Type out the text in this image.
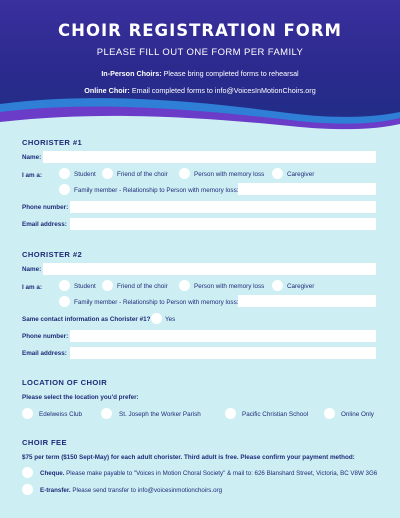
CHOIR REGISTRATION FORM
PLEASE FILL OUT ONE FORM PER FAMILY
In-Person Choirs: Please bring completed forms to rehearsal
Online Choir: Email completed forms to info@VoicesInMotionChoirs.org
CHORISTER #1
Name:
I am a:	Student	Friend of the choir	Person with memory loss	Caregiver
Family member - Relationship to Person with memory loss:
Phone number:
Email address:
CHORISTER #2
Name:
I am a:	Student	Friend of the choir	Person with memory loss	Caregiver
Family member - Relationship to Person with memory loss:
Same contact information as Chorister #1? Yes
Phone number:
Email address:
LOCATION OF CHOIR
Please select the location you'd prefer:
Edelweiss Club	St. Joseph the Worker Parish	Pacific Christian School	Online Only
CHOIR FEE
$75 per term ($150 Sept-May) for each adult chorister. Third adult is free. Please confirm your payment method:
Cheque. Please make payable to "Voices in Motion Choral Society" & mail to: 626 Blanshard Street, Victoria, BC V8W 3G6
E-transfer. Please send transfer to info@voicesinmotionchoirs.org
